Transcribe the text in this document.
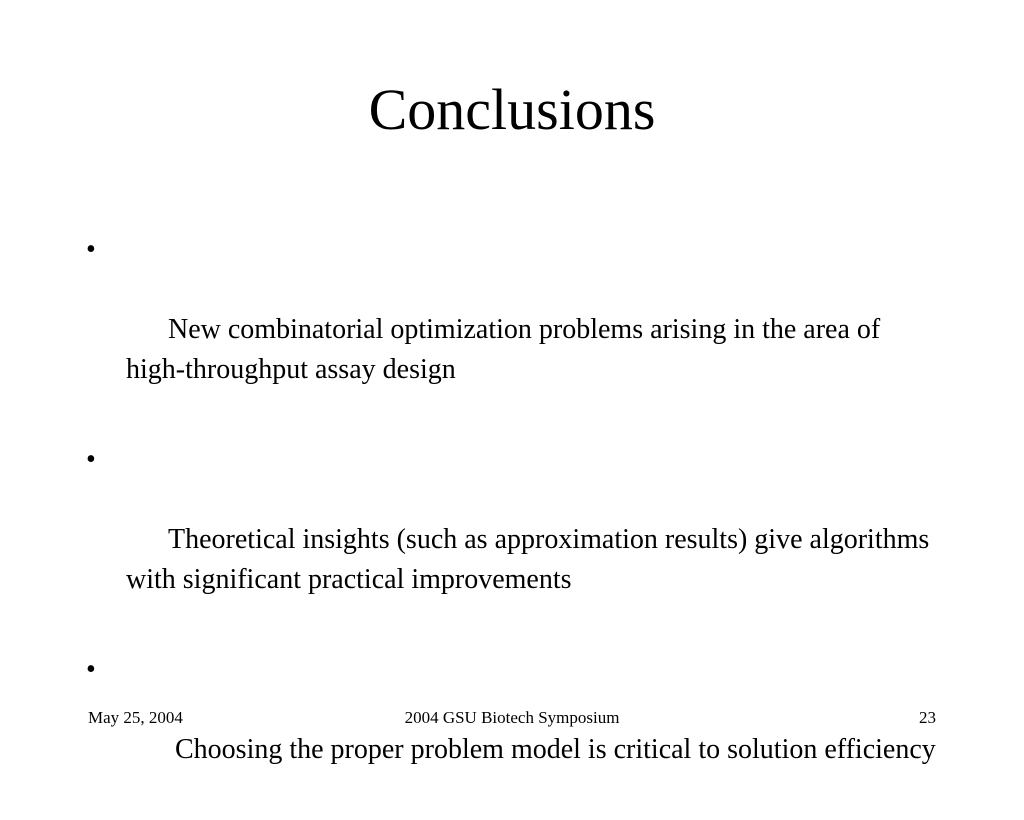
Conclusions

•

New combinatorial optimization problems arising in the area of high-throughput assay design

•

Theoretical insights (such as approximation results) give algorithms with significant practical improvements

•

Choosing the proper problem model is critical to solution efficiency

2004 GSU Biotech Symposium
May 25, 2004	23
